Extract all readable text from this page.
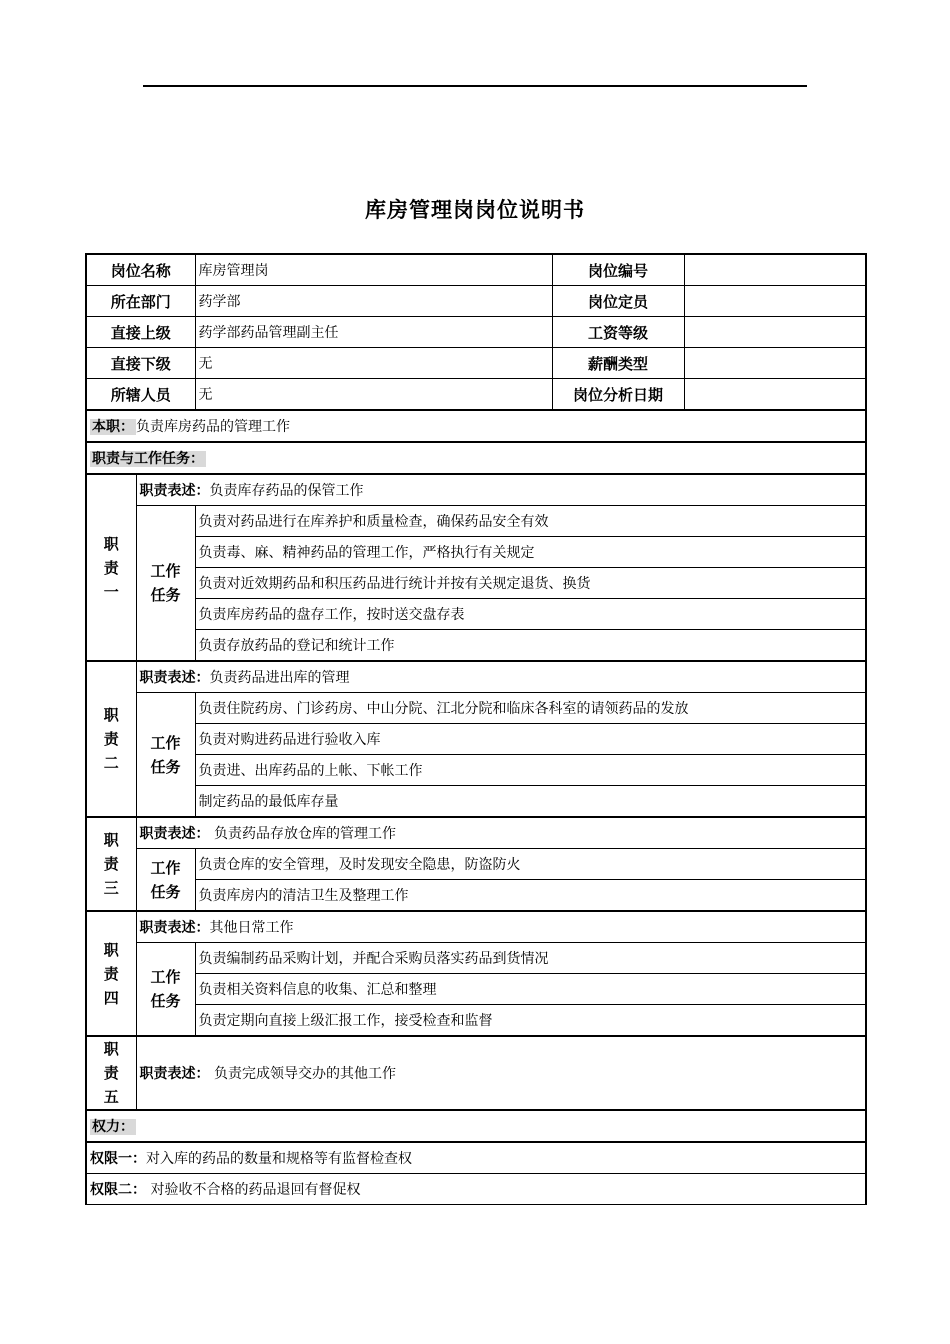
库房管理岗岗位说明书
岗位名称		库房管理岗	岗位编号	
所在部门		药学部	岗位定员	
直接上级		药学部药品管理副主任	工资等级	
直接下级		无	薪酬类型	
所辖人员		无	岗位分析日期	
本职： 负责库房药品的管理工作				
职责与工作任务：				
职责一	职责表述：负责库存药品的保管工作			
	工作任务	负责对药品进行在库养护和质量检查，确保药品安全有效		
		负责毒、麻、精神药品的管理工作，严格执行有关规定		
		负责对近效期药品和积压药品进行统计并按有关规定退货、换货		
		负责库房药品的盘存工作，按时送交盘存表		
		负责存放药品的登记和统计工作		
职责二	职责表述：负责药品进出库的管理			
	工作任务	负责住院药房、门诊药房、中山分院、江北分院和临床各科室的请领药品的发放		
		负责对购进药品进行验收入库		
		负责进、出库药品的上帐、下帐工作		
		制定药品的最低库存量		
职责三	职责表述： 负责药品存放仓库的管理工作			
	工作任务	负责仓库的安全管理，及时发现安全隐患，防盗防火		
		负责库房内的清洁卫生及整理工作		
职责四	职责表述：其他日常工作			
	工作任务	负责编制药品采购计划，并配合采购员落实药品到货情况		
		负责相关资料信息的收集、汇总和整理		
		负责定期向直接上级汇报工作，接受检查和监督		
职责五	职责表述： 负责完成领导交办的其他工作			
权力：				
权限一：对入库的药品的数量和规格等有监督检查权				
权限二： 对验收不合格的药品退回有督促权				
